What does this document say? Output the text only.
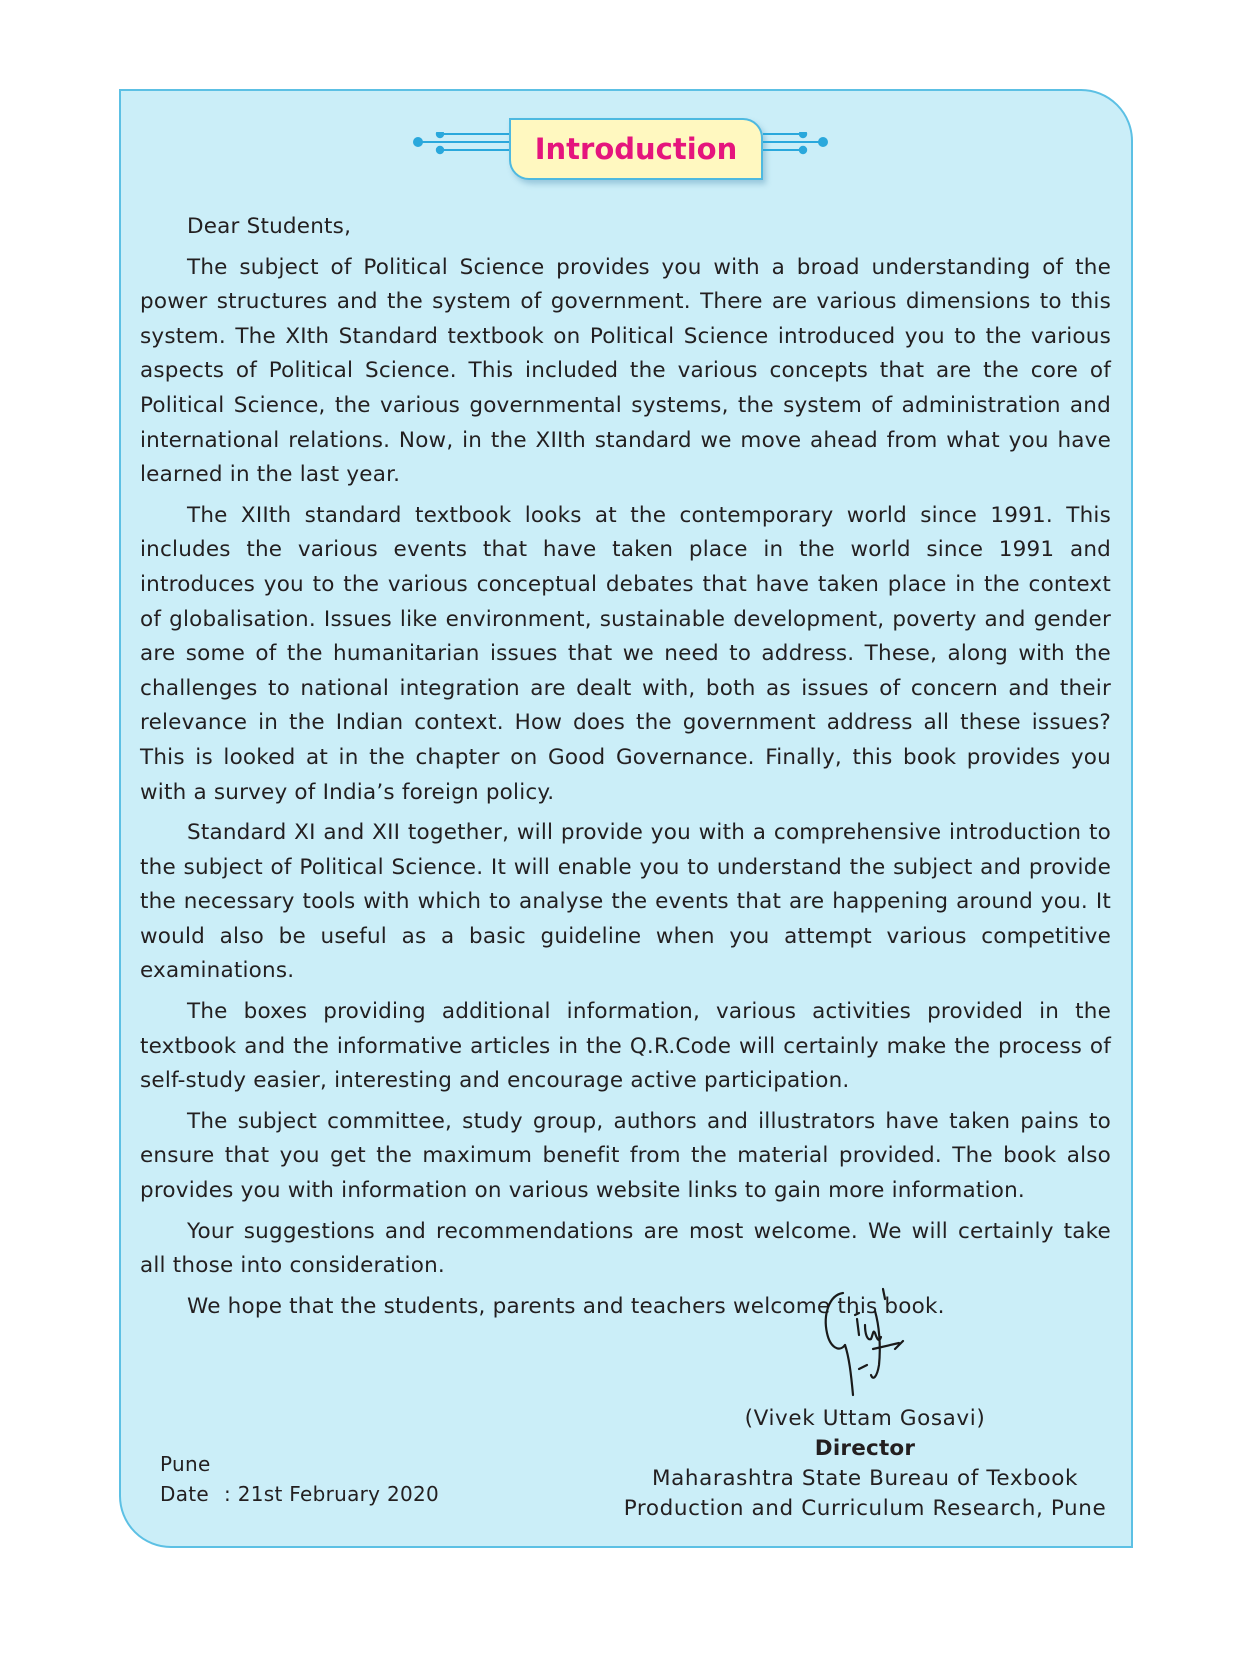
Introduction

Dear Students,

The subject of Political Science provides you with a broad understanding of the power structures and the system of government. There are various dimensions to this system. The XIth Standard textbook on Political Science introduced you to the various aspects of Political Science. This included the various concepts that are the core of Political Science, the various governmental systems, the system of administration and international relations. Now, in the XIIth standard we move ahead from what you have learned in the last year.

The XIIth standard textbook looks at the contemporary world since 1991. This includes the various events that have taken place in the world since 1991 and introduces you to the various conceptual debates that have taken place in the context of globalisation. Issues like environment, sustainable development, poverty and gender are some of the humanitarian issues that we need to address. These, along with the challenges to national integration are dealt with, both as issues of concern and their relevance in the Indian context. How does the government address all these issues? This is looked at in the chapter on Good Governance. Finally, this book provides you with a survey of India’s foreign policy.

Standard XI and XII together, will provide you with a comprehensive introduction to the subject of Political Science. It will enable you to understand the subject and provide the necessary tools with which to analyse the events that are happening around you. It would also be useful as a basic guideline when you attempt various competitive examinations.

The boxes providing additional information, various activities provided in the textbook and the informative articles in the Q.R.Code will certainly make the process of self-study easier, interesting and encourage active participation.

The subject committee, study group, authors and illustrators have taken pains to ensure that you get the maximum benefit from the material provided. The book also provides you with information on various website links to gain more information.

Your suggestions and recommendations are most welcome. We will certainly take all those into consideration.

We hope that the students, parents and teachers welcome this book.

(Vivek Uttam Gosavi)
Director
Maharashtra State Bureau of Texbook
Production and Curriculum Research, Pune
Pune
Date : 21st February 2020
